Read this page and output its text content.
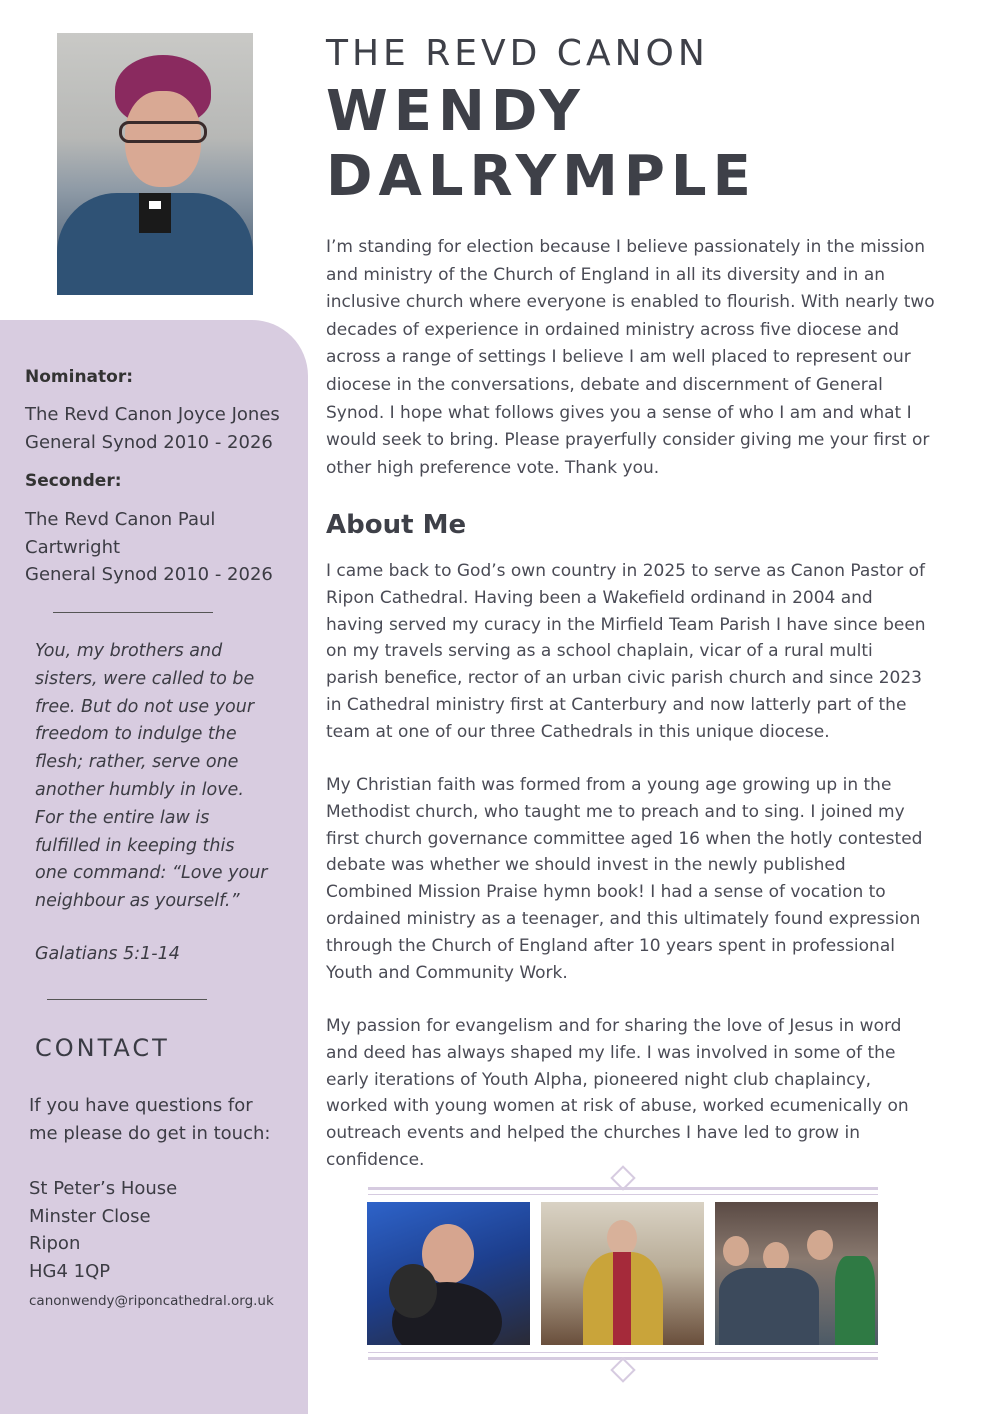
Nominator:
The Revd Canon Joyce Jones
General Synod 2010 - 2026
Seconder:
The Revd Canon Paul
Cartwright
General Synod 2010 - 2026
You, my brothers and
sisters, were called to be
free. But do not use your
freedom to indulge the
flesh; rather, serve one
another humbly in love.
For the entire law is
fulfilled in keeping this
one command: “Love your
neighbour as yourself.”
Galatians 5:1-14
CONTACT
If you have questions for
me please do get in touch:
St Peter’s House
Minster Close
Ripon
HG4 1QP
canonwendy@riponcathedral.org.uk
THE REVD CANON
WENDY
DALRYMPLE
I’m standing for election because I believe passionately in the mission and ministry of the Church of England in all its diversity and in an inclusive church where everyone is enabled to flourish. With nearly two decades of experience in ordained ministry across five diocese and across a range of settings I believe I am well placed to represent our diocese in the conversations, debate and discernment of General Synod. I hope what follows gives you a sense of who I am and what I would seek to bring. Please prayerfully consider giving me your first or other high preference vote. Thank you.
About Me
I came back to God’s own country in 2025 to serve as Canon Pastor of Ripon Cathedral. Having been a Wakefield ordinand in 2004 and having served my curacy in the Mirfield Team Parish I have since been on my travels serving as a school chaplain, vicar of a rural multi parish benefice, rector of an urban civic parish church and since 2023 in Cathedral ministry first at Canterbury and now latterly part of the team at one of our three Cathedrals in this unique diocese.
My Christian faith was formed from a young age growing up in the Methodist church, who taught me to preach and to sing. I joined my first church governance committee aged 16 when the hotly contested debate was whether we should invest in the newly published Combined Mission Praise hymn book! I had a sense of vocation to ordained ministry as a teenager, and this ultimately found expression through the Church of England after 10 years spent in professional Youth and Community Work.
My passion for evangelism and for sharing the love of Jesus in word and deed has always shaped my life. I was involved in some of the early iterations of Youth Alpha, pioneered night club chaplaincy, worked with young women at risk of abuse, worked ecumenically on outreach events and helped the churches I have led to grow in confidence.
